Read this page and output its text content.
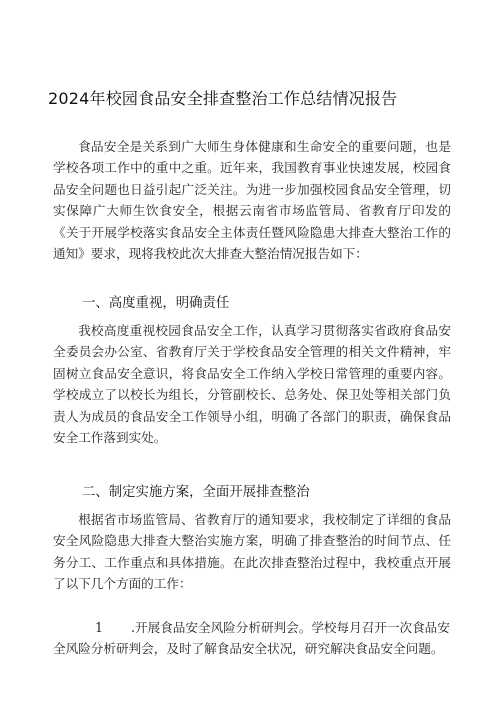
2024年校园食品安全排查整治工作总结情况报告

食品安全是关系到广大师生身体健康和生命安全的重要问题，也是学校各项工作中的重中之重。近年来，我国教育事业快速发展，校园食品安全问题也日益引起广泛关注。为进一步加强校园食品安全管理，切实保障广大师生饮食安全，根据云南省市场监管局、省教育厅印发的《关于开展学校落实食品安全主体责任暨风险隐患大排查大整治工作的通知》要求，现将我校此次大排查大整治情况报告如下：

一、高度重视，明确责任

我校高度重视校园食品安全工作，认真学习贯彻落实省政府食品安全委员会办公室、省教育厅关于学校食品安全管理的相关文件精神，牢固树立食品安全意识，将食品安全工作纳入学校日常管理的重要内容。学校成立了以校长为组长，分管副校长、总务处、保卫处等相关部门负责人为成员的食品安全工作领导小组，明确了各部门的职责，确保食品安全工作落到实处。

二、制定实施方案，全面开展排查整治

根据省市场监管局、省教育厅的通知要求，我校制定了详细的食品安全风险隐患大排查大整治实施方案，明确了排查整治的时间节点、任务分工、工作重点和具体措施。在此次排查整治过程中，我校重点开展了以下几个方面的工作：

1 .开展食品安全风险分析研判会。学校每月召开一次食品安全风险分析研判会，及时了解食品安全状况，研究解决食品安全问题。
